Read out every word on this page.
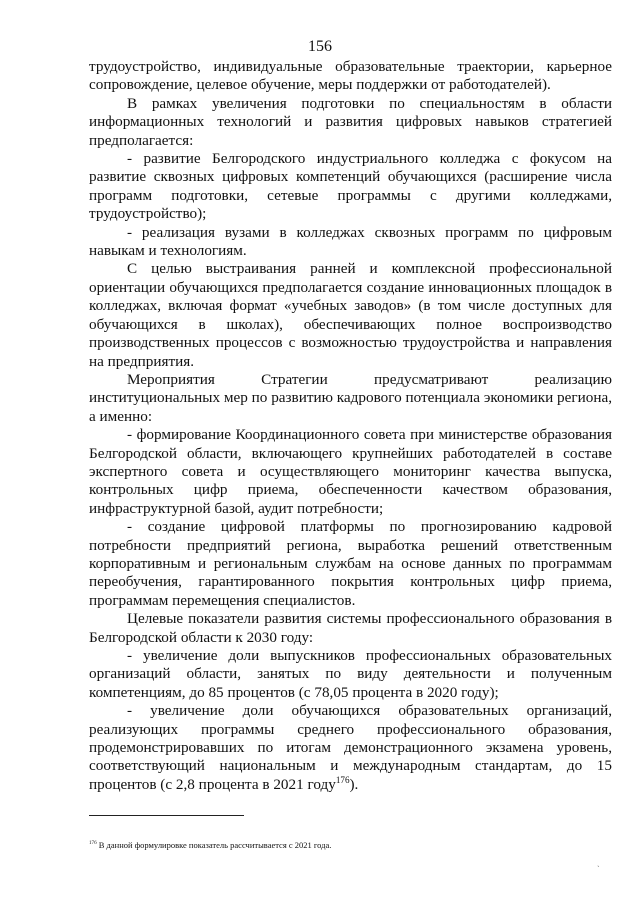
156

трудоустройство, индивидуальные образовательные траектории, карьерное сопровождение, целевое обучение, меры поддержки от работодателей).

В рамках увеличения подготовки по специальностям в области информационных технологий и развития цифровых навыков стратегией предполагается:

- развитие Белгородского индустриального колледжа с фокусом на развитие сквозных цифровых компетенций обучающихся (расширение числа программ подготовки, сетевые программы с другими колледжами, трудоустройство);

- реализация вузами в колледжах сквозных программ по цифровым навыкам и технологиям.

С целью выстраивания ранней и комплексной профессиональной ориентации обучающихся предполагается создание инновационных площадок в колледжах, включая формат «учебных заводов» (в том числе доступных для обучающихся в школах), обеспечивающих полное воспроизводство производственных процессов с возможностью трудоустройства и направления на предприятия.

Мероприятия Стратегии предусматривают реализацию институциональных мер по развитию кадрового потенциала экономики региона, а именно:

- формирование Координационного совета при министерстве образования Белгородской области, включающего крупнейших работодателей в составе экспертного совета и осуществляющего мониторинг качества выпуска, контрольных цифр приема, обеспеченности качеством образования, инфраструктурной базой, аудит потребности;

- создание цифровой платформы по прогнозированию кадровой потребности предприятий региона, выработка решений ответственным корпоративным и региональным службам на основе данных по программам переобучения, гарантированного покрытия контрольных цифр приема, программам перемещения специалистов.

Целевые показатели развития системы профессионального образования в Белгородской области к 2030 году:

- увеличение доли выпускников профессиональных образовательных организаций области, занятых по виду деятельности и полученным компетенциям, до 85 процентов (с 78,05 процента в 2020 году);

- увеличение доли обучающихся образовательных организаций, реализующих программы среднего профессионального образования, продемонстрировавших по итогам демонстрационного экзамена уровень, соответствующий национальным и международным стандартам, до 15 процентов (с 2,8 процента в 2021 году$^{176}$).

$^{176}$ В данной формулировке показатель рассчитывается с 2021 года.
ˎ
